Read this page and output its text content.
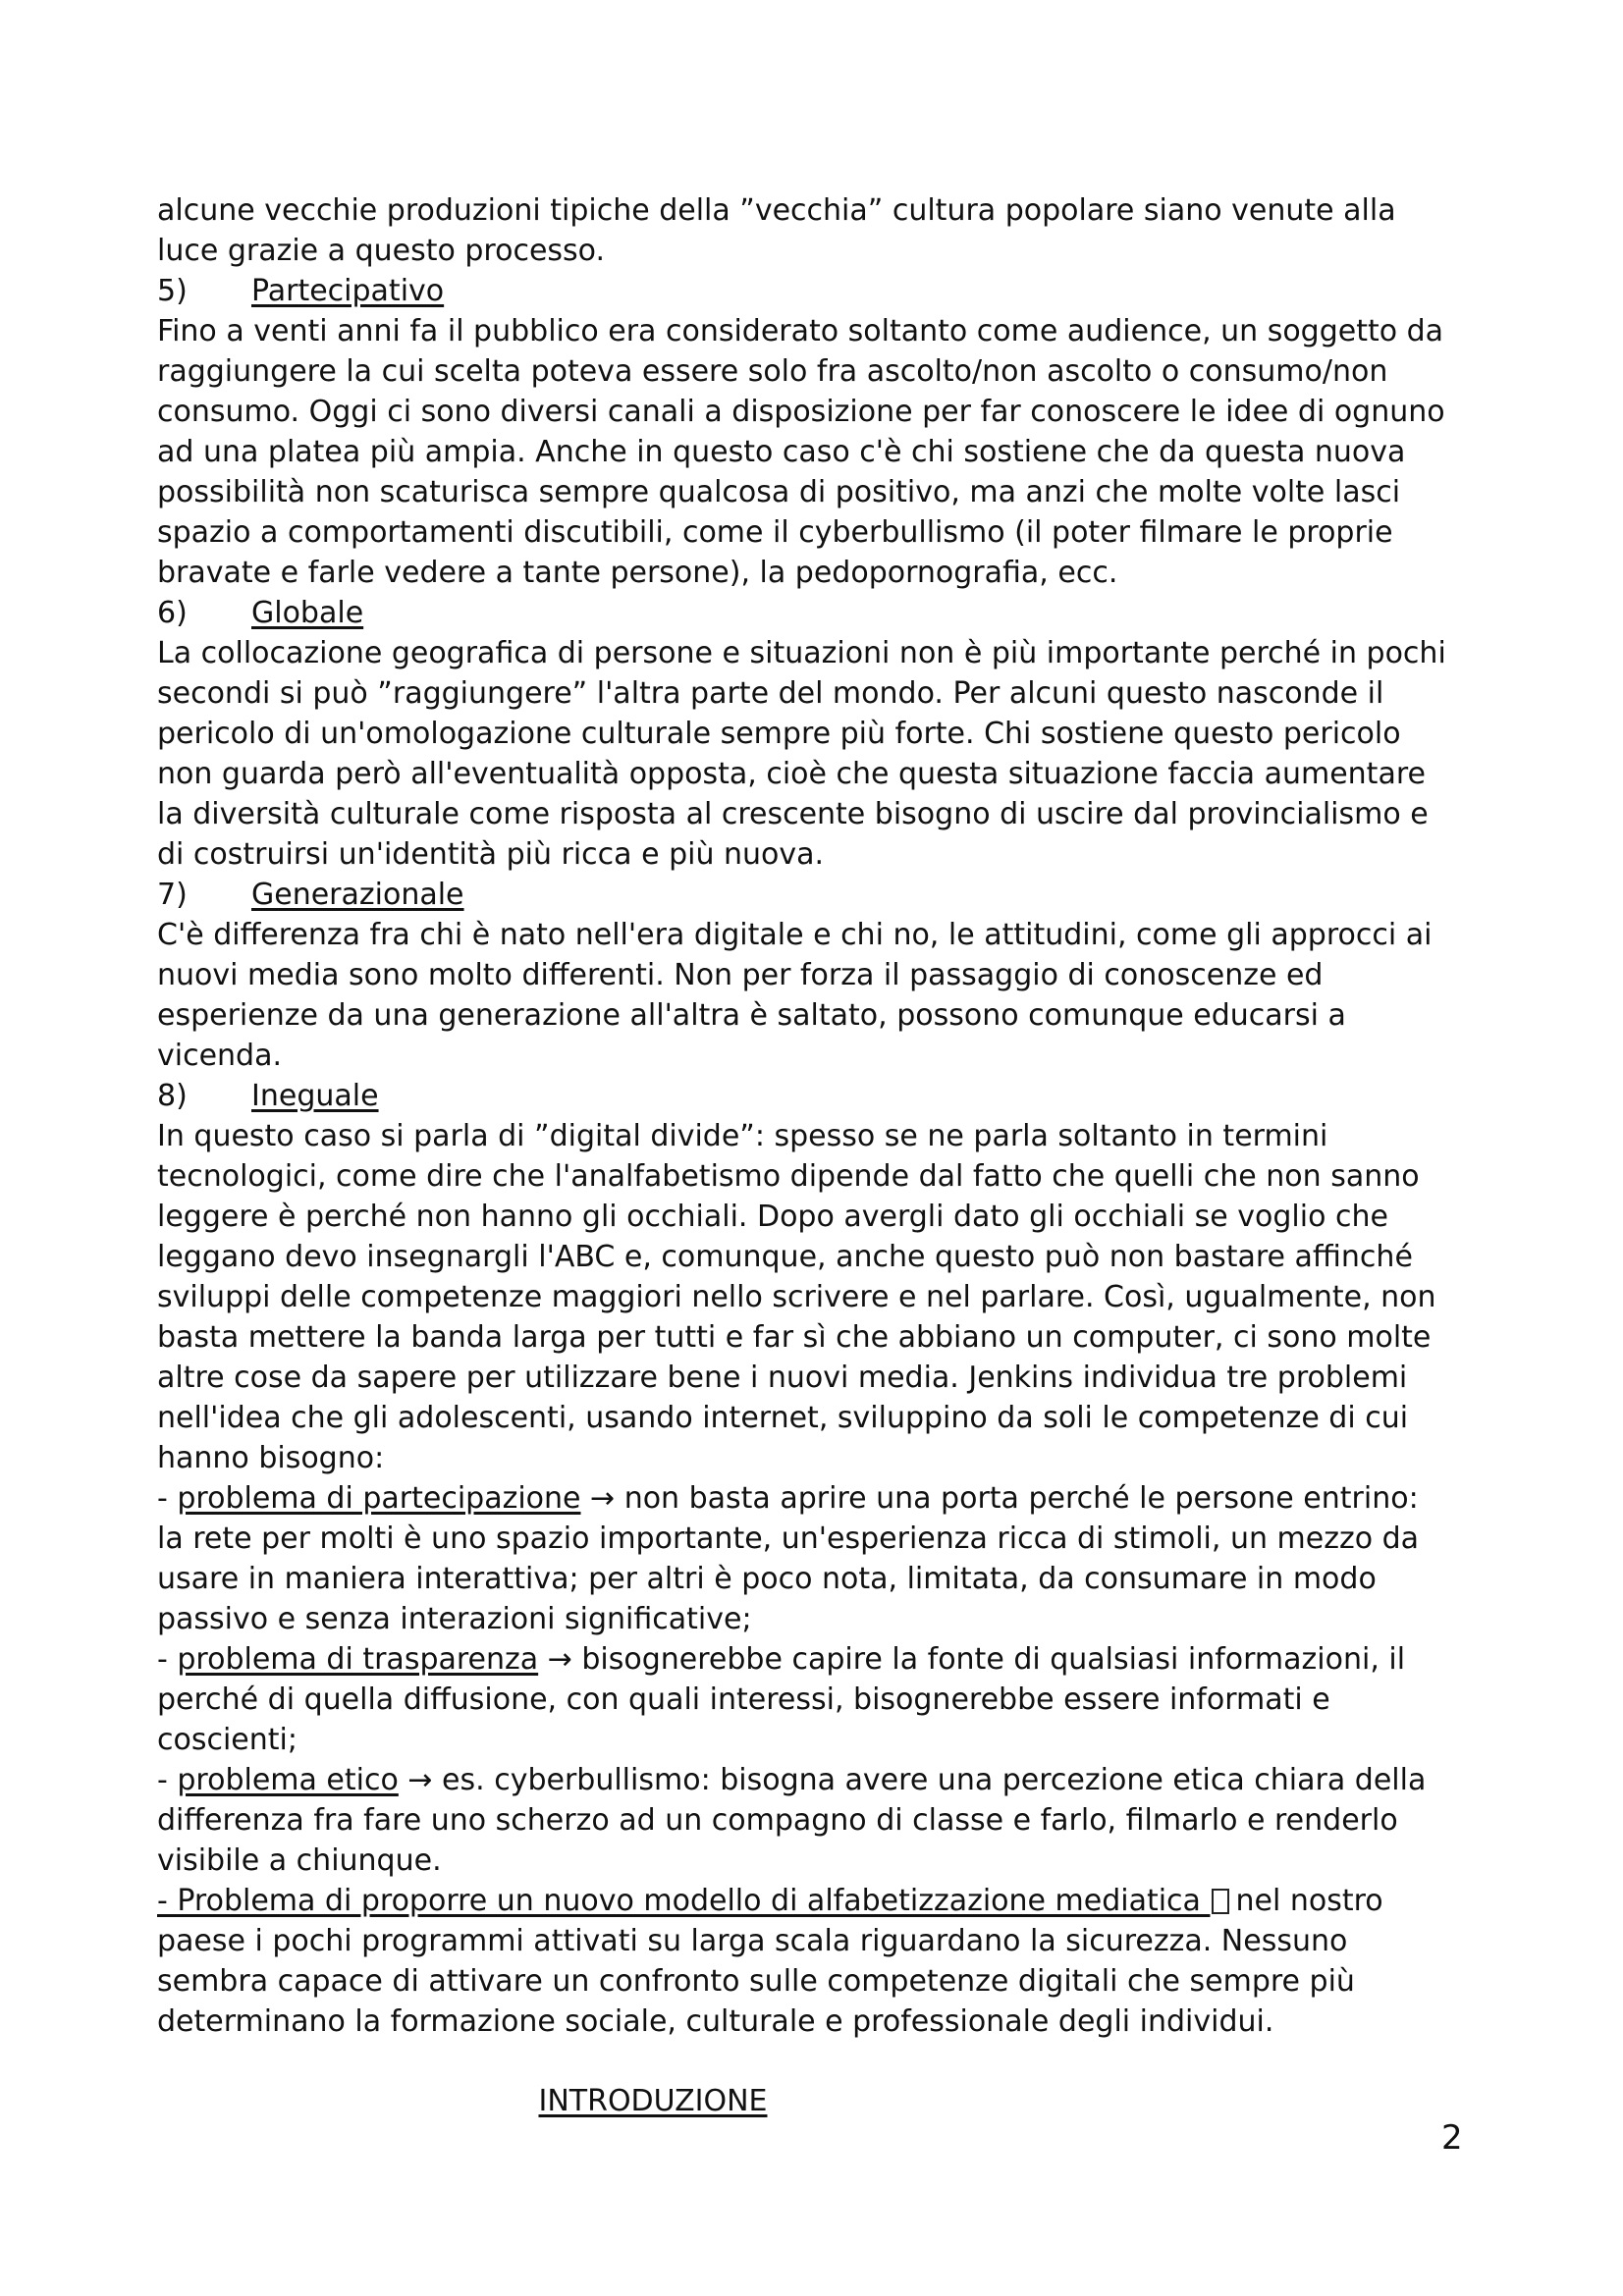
alcune vecchie produzioni tipiche della ”vecchia” cultura popolare siano venute alla
luce grazie a questo processo.
5) Partecipativo
Fino a venti anni fa il pubblico era considerato soltanto come audience, un soggetto da
raggiungere la cui scelta poteva essere solo fra ascolto/non ascolto o consumo/non
consumo. Oggi ci sono diversi canali a disposizione per far conoscere le idee di ognuno
ad una platea più ampia. Anche in questo caso c'è chi sostiene che da questa nuova
possibilità non scaturisca sempre qualcosa di positivo, ma anzi che molte volte lasci
spazio a comportamenti discutibili, come il cyberbullismo (il poter filmare le proprie
bravate e farle vedere a tante persone), la pedopornografia, ecc.
6) Globale
La collocazione geografica di persone e situazioni non è più importante perché in pochi
secondi si può ”raggiungere” l'altra parte del mondo. Per alcuni questo nasconde il
pericolo di un'omologazione culturale sempre più forte. Chi sostiene questo pericolo
non guarda però all'eventualità opposta, cioè che questa situazione faccia aumentare
la diversità culturale come risposta al crescente bisogno di uscire dal provincialismo e
di costruirsi un'identità più ricca e più nuova.
7) Generazionale
C'è differenza fra chi è nato nell'era digitale e chi no, le attitudini, come gli approcci ai
nuovi media sono molto differenti. Non per forza il passaggio di conoscenze ed
esperienze da una generazione all'altra è saltato, possono comunque educarsi a
vicenda.
8) Ineguale
In questo caso si parla di ”digital divide”: spesso se ne parla soltanto in termini
tecnologici, come dire che l'analfabetismo dipende dal fatto che quelli che non sanno
leggere è perché non hanno gli occhiali. Dopo avergli dato gli occhiali se voglio che
leggano devo insegnargli l'ABC e, comunque, anche questo può non bastare affinché
sviluppi delle competenze maggiori nello scrivere e nel parlare. Così, ugualmente, non
basta mettere la banda larga per tutti e far sì che abbiano un computer, ci sono molte
altre cose da sapere per utilizzare bene i nuovi media. Jenkins individua tre problemi
nell'idea che gli adolescenti, usando internet, sviluppino da soli le competenze di cui
hanno bisogno:
- problema di partecipazione → non basta aprire una porta perché le persone entrino:
la rete per molti è uno spazio importante, un'esperienza ricca di stimoli, un mezzo da
usare in maniera interattiva; per altri è poco nota, limitata, da consumare in modo
passivo e senza interazioni significative;
- problema di trasparenza → bisognerebbe capire la fonte di qualsiasi informazioni, il
perché di quella diffusione, con quali interessi, bisognerebbe essere informati e
coscienti;
- problema etico → es. cyberbullismo: bisogna avere una percezione etica chiara della
differenza fra fare uno scherzo ad un compagno di classe e farlo, filmarlo e renderlo
visibile a chiunque.
- Problema di proporre un nuovo modello di alfabetizzazione mediatica nel nostro
paese i pochi programmi attivati su larga scala riguardano la sicurezza. Nessuno
sembra capace di attivare un confronto sulle competenze digitali che sempre più
determinano la formazione sociale, culturale e professionale degli individui.
INTRODUZIONE
2
